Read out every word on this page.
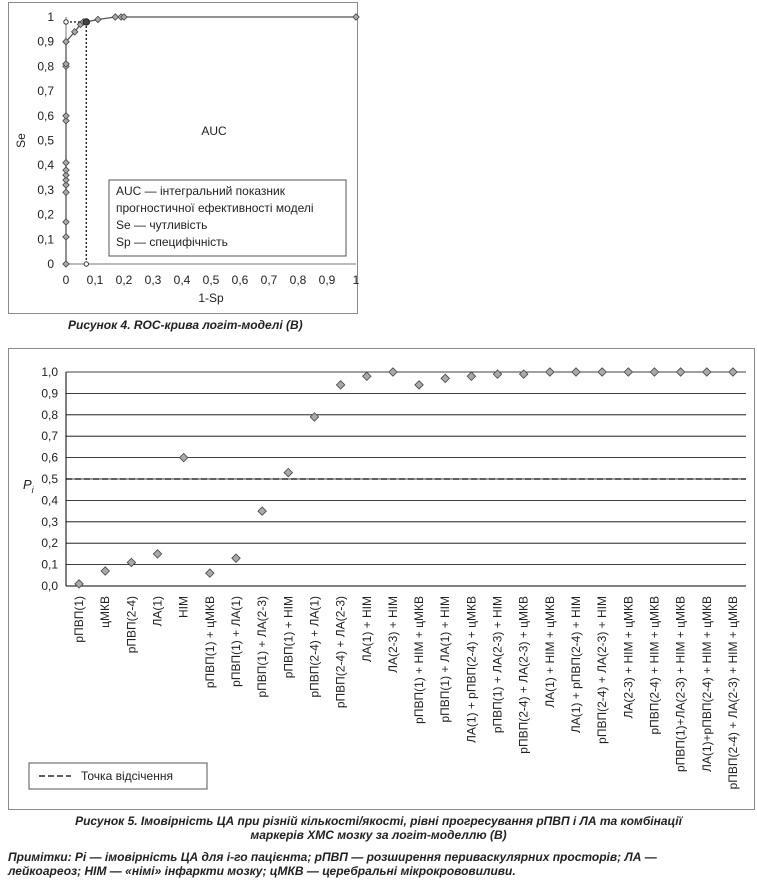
0
0,1
0,2
0,3
0,4
0,5
0,6
0,7
0,8
0,9
1
0 0,1 0,2 0,3 0,4 0,5 0,6 0,7 0,8 0,9 1
1-Sp
Se
AUC
AUC — інтегральний показник
прогностичної ефективності моделі
Se — чутливість
Sp — специфічність
Рисунок 4. ROC-крива логіт-моделі (В)
0,0
0,1
0,2
0,3
0,4
0,5
0,6
0,7
0,8
0,9
1,0
$P_i$
рПВП(1) цМКВ рПВП(2-4) ЛА(1) НІМ рПВП(1) + цМКВ рПВП(1) + ЛА(1) рПВП(1) + ЛА(2-3) рПВП(1) + НІМ рПВП(2-4) + ЛА(1) рПВП(2-4) + ЛА(2-3) ЛА(1) + НІМ ЛА(2-3) + НІМ рПВП(1) + НІМ + цМКВ рПВП(1) + ЛА(1) + НІМ ЛА(1) + рПВП(2-4) + цМКВ рПВП(1) + ЛА(2-3) + НІМ рПВП(2-4) + ЛА(2-3) + цМКВ ЛА(1) + НІМ + цМКВ ЛА(1) + рПВП(2-4) + НІМ рПВП(2-4) + ЛА(2-3) + НІМ ЛА(2-3) + НІМ + цМКВ рПВП(2-4) + НІМ + цМКВ рПВП(1)+ЛА(2-3) + НІМ + цМКВ ЛА(1)+рПВП(2-4) + НІМ + цМКВ рПВП(2-4) + ЛА(2-3) + НІМ + цМКВ
Точка відсічення
Рисунок 5. Імовірність ЦА при різній кількості/якості, рівні прогресування рПВП і ЛА та комбінації
маркерів ХМС мозку за логіт-моделлю (В)
Примітки: Pi — імовірність ЦА для і-го пацієнта; рПВП — розширення периваскулярних просторів; ЛА —
лейкоареоз; НІМ — «німі» інфаркти мозку; цМКВ — церебральні мікрокрововиливи.
